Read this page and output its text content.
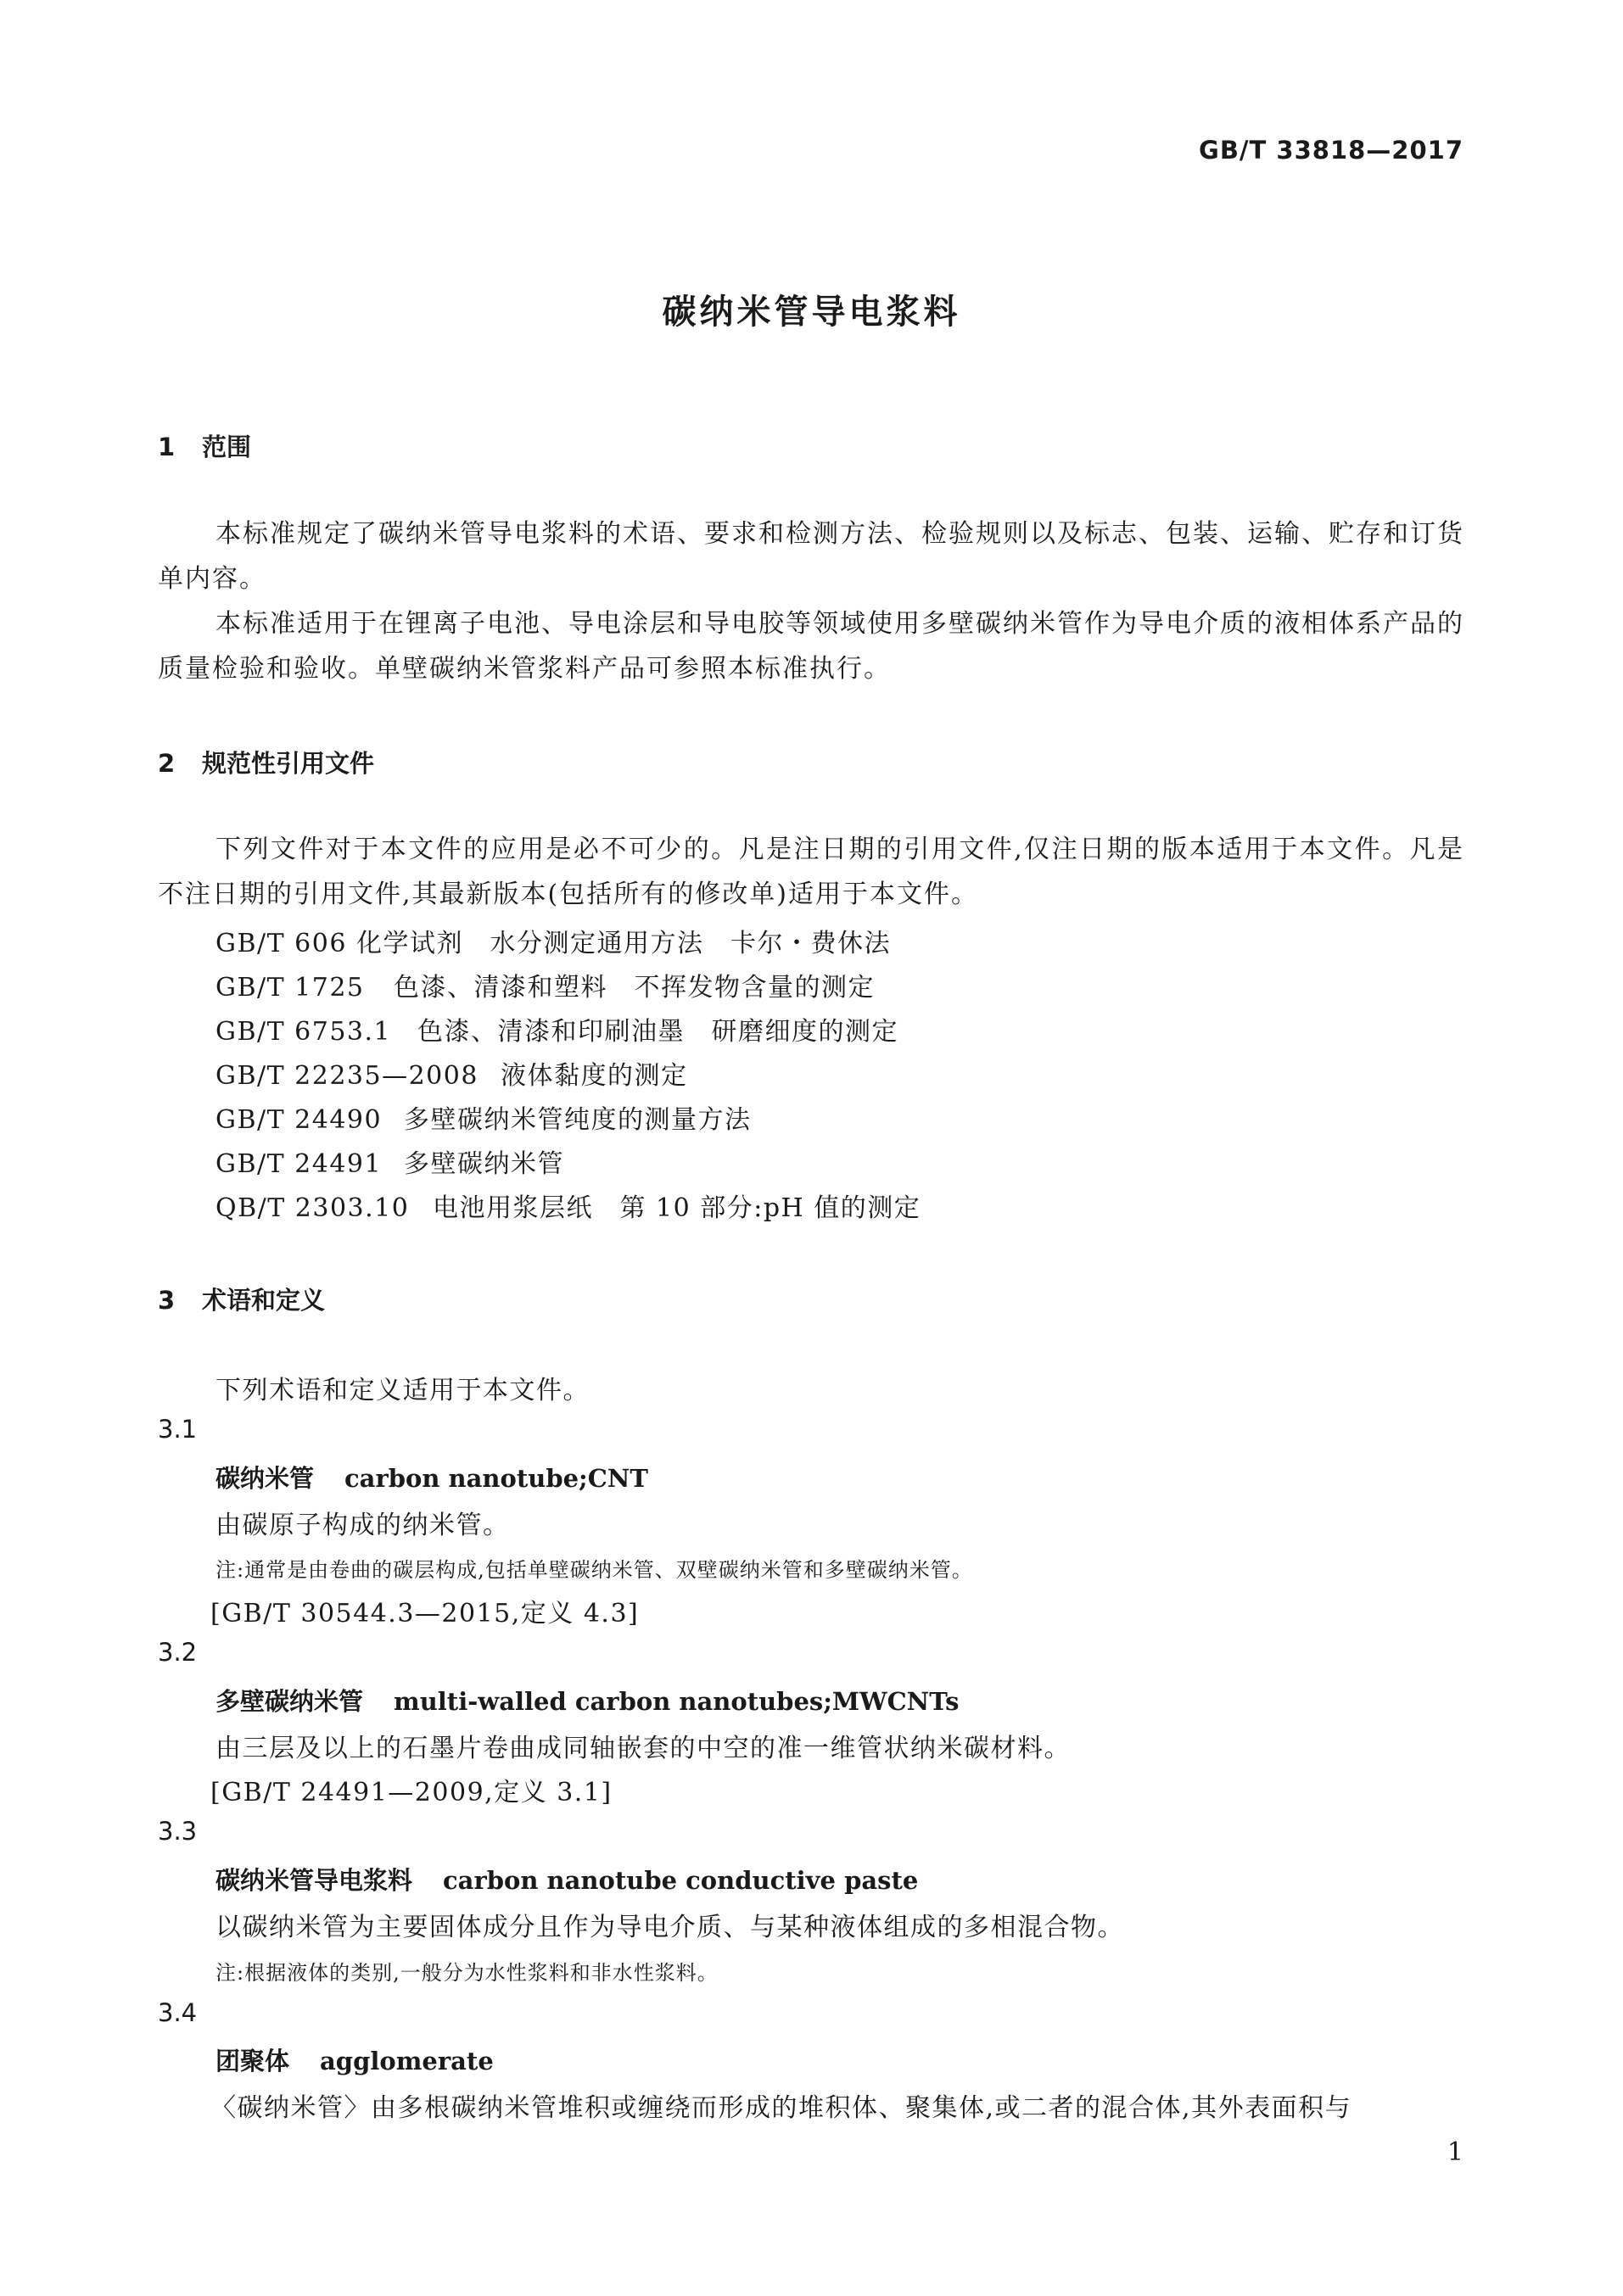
GB/T 33818—2017
碳纳米管导电浆料
1 范围
本标准规定了碳纳米管导电浆料的术语、要求和检测方法、检验规则以及标志、包装、运输、贮存和订货单内容。
本标准适用于在锂离子电池、导电涂层和导电胶等领域使用多壁碳纳米管作为导电介质的液相体系产品的质量检验和验收。单壁碳纳米管浆料产品可参照本标准执行。
2 规范性引用文件
下列文件对于本文件的应用是必不可少的。凡是注日期的引用文件,仅注日期的版本适用于本文件。凡是不注日期的引用文件,其最新版本(包括所有的修改单)适用于本文件。
GB/T 606 化学试剂　水分测定通用方法　卡尔・费休法
GB/T 1725 色漆、清漆和塑料　不挥发物含量的测定
GB/T 6753.1 色漆、清漆和印刷油墨　研磨细度的测定
GB/T 22235—2008 液体黏度的测定
GB/T 24490 多壁碳纳米管纯度的测量方法
GB/T 24491 多壁碳纳米管
QB/T 2303.10 电池用浆层纸　第 10 部分:pH 值的测定
3 术语和定义
下列术语和定义适用于本文件。
3.1
碳纳米管 carbon nanotube;CNT
由碳原子构成的纳米管。
注:通常是由卷曲的碳层构成,包括单壁碳纳米管、双壁碳纳米管和多壁碳纳米管。
[GB/T 30544.3—2015,定义 4.3]
3.2
多壁碳纳米管 multi-walled carbon nanotubes;MWCNTs
由三层及以上的石墨片卷曲成同轴嵌套的中空的准一维管状纳米碳材料。
[GB/T 24491—2009,定义 3.1]
3.3
碳纳米管导电浆料 carbon nanotube conductive paste
以碳纳米管为主要固体成分且作为导电介质、与某种液体组成的多相混合物。
注:根据液体的类别,一般分为水性浆料和非水性浆料。
3.4
团聚体 agglomerate
〈碳纳米管〉由多根碳纳米管堆积或缠绕而形成的堆积体、聚集体,或二者的混合体,其外表面积与
1
